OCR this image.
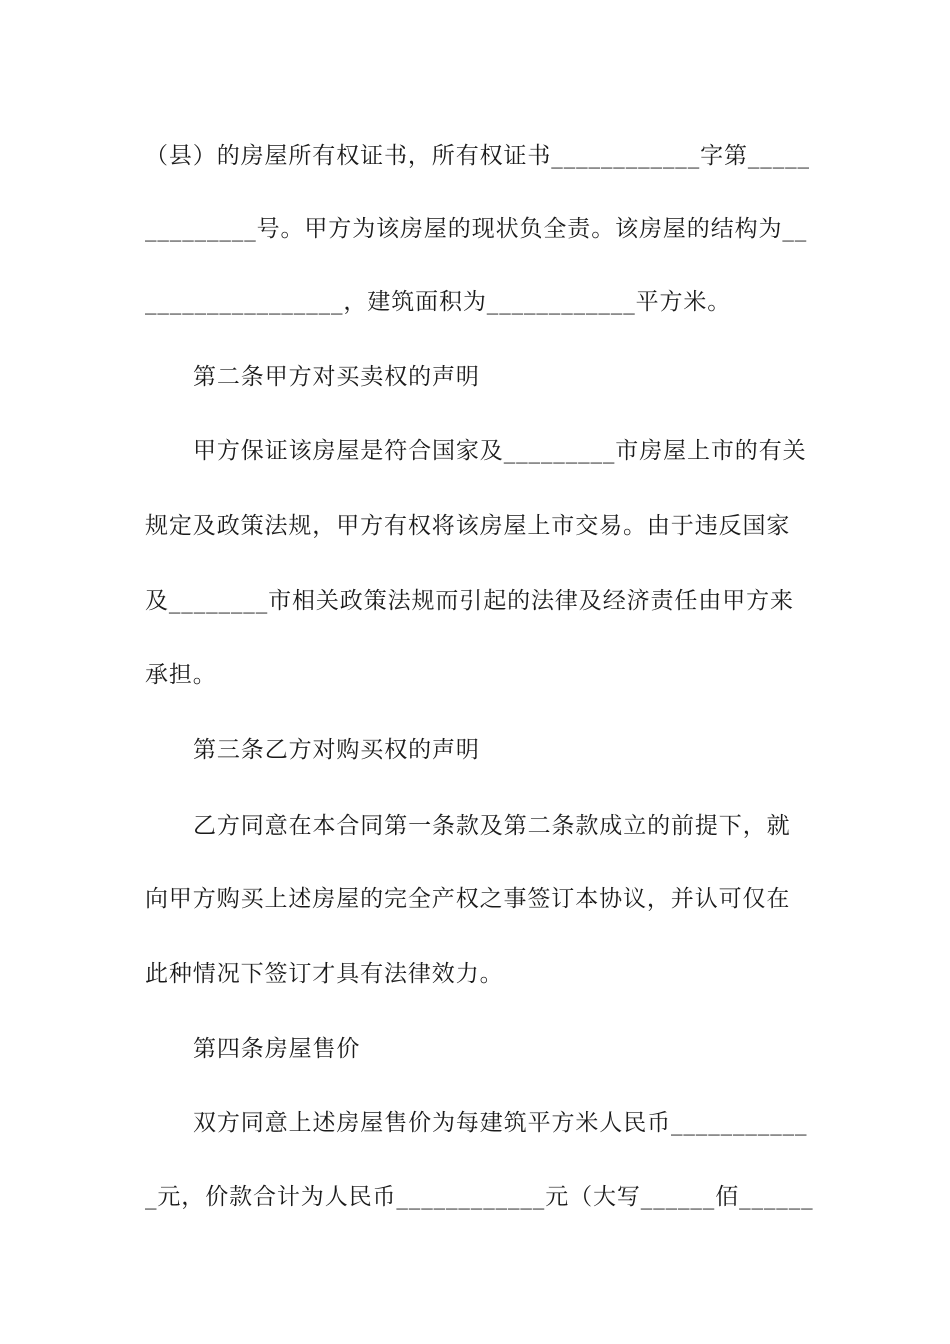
（县）的房屋所有权证书，所有权证书____________字第_____

_________号。甲方为该房屋的现状负全责。该房屋的结构为__

________________，建筑面积为____________平方米。

第二条甲方对买卖权的声明

甲方保证该房屋是符合国家及_________市房屋上市的有关

规定及政策法规，甲方有权将该房屋上市交易。由于违反国家

及________市相关政策法规而引起的法律及经济责任由甲方来

承担。

第三条乙方对购买权的声明

乙方同意在本合同第一条款及第二条款成立的前提下，就

向甲方购买上述房屋的完全产权之事签订本协议，并认可仅在

此种情况下签订才具有法律效力。

第四条房屋售价

双方同意上述房屋售价为每建筑平方米人民币___________

_元，价款合计为人民币____________元（大写______佰______
